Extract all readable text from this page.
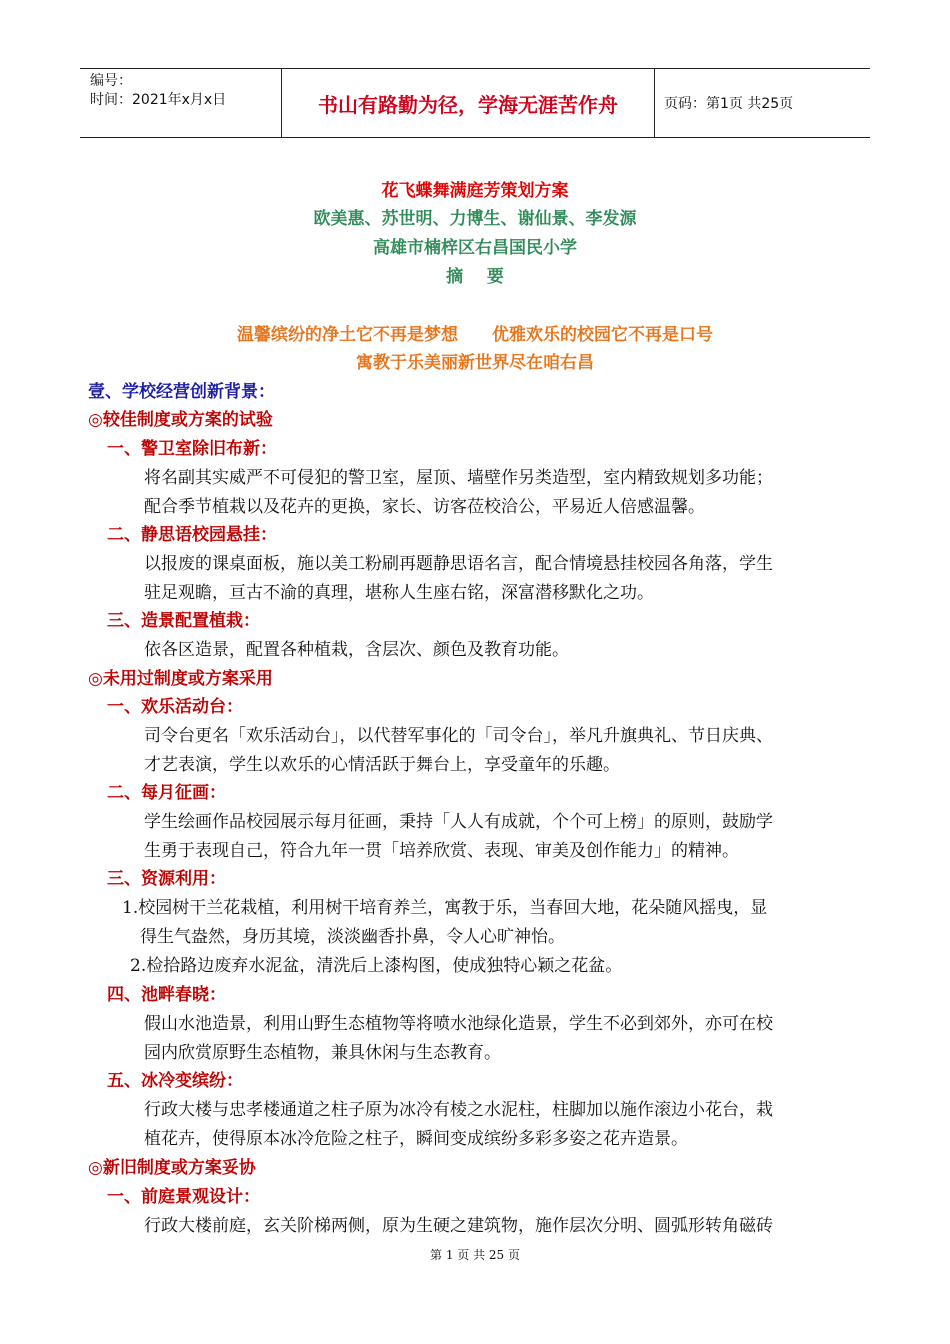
编号：
时间：2021年x月x日	书山有路勤为径，学海无涯苦作舟	页码：第1页 共25页
花飞蝶舞满庭芳策划方案
欧美惠、苏世明、力博生、谢仙景、李发源
高雄市楠梓区右昌国民小学
摘    要
温馨缤纷的净土它不再是梦想　　优雅欢乐的校园它不再是口号
寓教于乐美丽新世界尽在咱右昌
壹、学校经营创新背景：
◎较佳制度或方案的试验
一、警卫室除旧布新：
将名副其实威严不可侵犯的警卫室，屋顶、墙壁作另类造型，室内精致规划多功能；
配合季节植栽以及花卉的更换，家长、访客莅校洽公，平易近人倍感温馨。
二、静思语校园悬挂：
以报废的课桌面板，施以美工粉刷再题静思语名言，配合情境悬挂校园各角落，学生
驻足观瞻，亘古不渝的真理，堪称人生座右铭，深富潜移默化之功。
三、造景配置植栽：
依各区造景，配置各种植栽，含层次、颜色及教育功能。
◎未用过制度或方案采用
一、欢乐活动台：
司令台更名「欢乐活动台」，以代替军事化的「司令台」，举凡升旗典礼、节日庆典、
才艺表演，学生以欢乐的心情活跃于舞台上，享受童年的乐趣。
二、每月征画：
学生绘画作品校园展示每月征画，秉持「人人有成就，个个可上榜」的原则，鼓励学
生勇于表现自己，符合九年一贯「培养欣赏、表现、审美及创作能力」的精神。
三、资源利用：
1.校园树干兰花栽植，利用树干培育养兰，寓教于乐，当春回大地，花朵随风摇曳，显
得生气盎然，身历其境，淡淡幽香扑鼻，令人心旷神怡。
2.检拾路边废弃水泥盆，清洗后上漆构图，使成独特心颖之花盆。
四、池畔春晓：
假山水池造景，利用山野生态植物等将喷水池绿化造景，学生不必到郊外，亦可在校
园内欣赏原野生态植物，兼具休闲与生态教育。
五、冰冷变缤纷：
行政大楼与忠孝楼通道之柱子原为冰冷有棱之水泥柱，柱脚加以施作滚边小花台，栽
植花卉，使得原本冰冷危险之柱子，瞬间变成缤纷多彩多姿之花卉造景。
◎新旧制度或方案妥协
一、前庭景观设计：
行政大楼前庭，玄关阶梯两侧，原为生硬之建筑物，施作层次分明、圆弧形转角磁砖
第 1 页 共 25 页
